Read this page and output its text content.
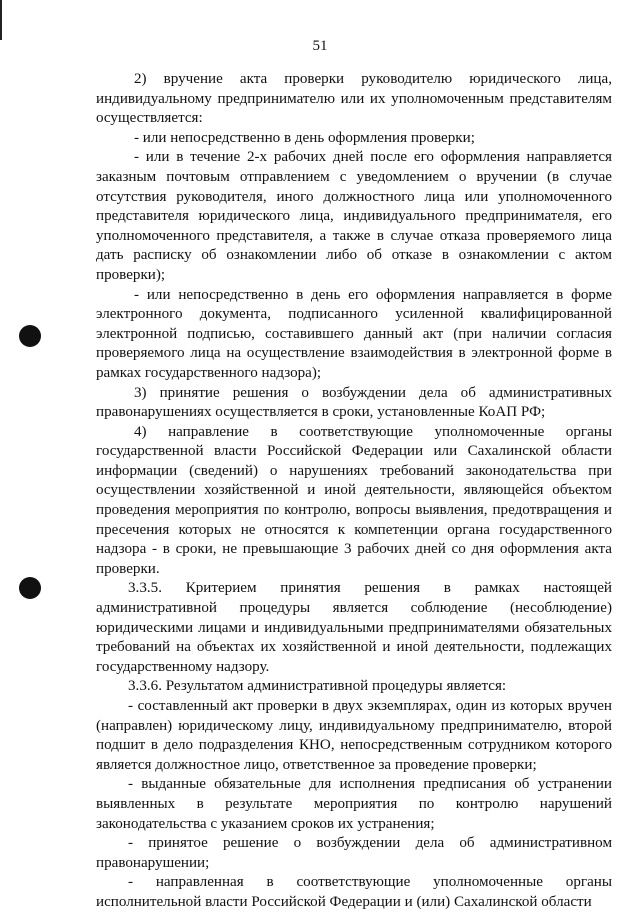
51

2) вручение акта проверки руководителю юридического лица, индивидуальному предпринимателю или их уполномоченным представителям осуществляется:

- или непосредственно в день оформления проверки;

- или в течение 2-х рабочих дней после его оформления направляется заказным почтовым отправлением с уведомлением о вручении (в случае отсутствия руководителя, иного должностного лица или уполномоченного представителя юридического лица, индивидуального предпринимателя, его уполномоченного представителя, а также в случае отказа проверяемого лица дать расписку об ознакомлении либо об отказе в ознакомлении с актом проверки);

- или непосредственно в день его оформления направляется в форме электронного документа, подписанного усиленной квалифицированной электронной подписью, составившего данный акт (при наличии согласия проверяемого лица на осуществление взаимодействия в электронной форме в рамках государственного надзора);

3) принятие решения о возбуждении дела об административных правонарушениях осуществляется в сроки, установленные КоАП РФ;

4) направление в соответствующие уполномоченные органы государственной власти Российской Федерации или Сахалинской области информации (сведений) о нарушениях требований законодательства при осуществлении хозяйственной и иной деятельности, являющейся объектом проведения мероприятия по контролю, вопросы выявления, предотвращения и пресечения которых не относятся к компетенции органа государственного надзора - в сроки, не превышающие 3 рабочих дней со дня оформления акта проверки.

3.3.5. Критерием принятия решения в рамках настоящей административной процедуры является соблюдение (несоблюдение) юридическими лицами и индивидуальными предпринимателями обязательных требований на объектах их хозяйственной и иной деятельности, подлежащих государственному надзору.

3.3.6. Результатом административной процедуры является:

- составленный акт проверки в двух экземплярах, один из которых вручен (направлен) юридическому лицу, индивидуальному предпринимателю, второй подшит в дело подразделения КНО, непосредственным сотрудником которого является должностное лицо, ответственное за проведение проверки;

- выданные обязательные для исполнения предписания об устранении выявленных в результате мероприятия по контролю нарушений законодательства с указанием сроков их устранения;

- принятое решение о возбуждении дела об административном правонарушении;

- направленная в соответствующие уполномоченные органы исполнительной власти Российской Федерации и (или) Сахалинской области
